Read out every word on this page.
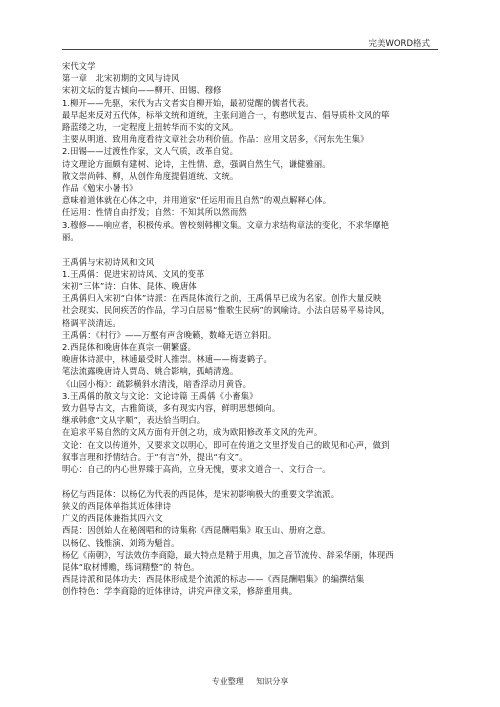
完美WORD格式
宋代文学
第一章　北宋初期的文风与诗风
宋初文坛的复古倾向——柳开、田锡、穆修
1.柳开——先驱，宋代为古文者实自柳开始，最初觉醒的儒者代表。
最早起来反对五代体，标举文统和道统，主张问道合一，有憨吠复古、倡导质朴文风的筚
路蓝缕之功，一定程度上扭转华而不实的文风。
主要从明道、致用角度看待文章社会功利价值。作品：应用文居多，《河东先生集》
2.田锡——过渡性作家，文人气质，改革自觉。
诗文理论方面颇有建树、论诗，主性情、意，强调自然生气，谦健雅丽。
散文崇尚韩、柳，从创作角度提倡道统、文统。
作品《勉宋小暑书》
意味着道体就在心体之中，并用道家“任运用而且自然”的观点解释心体。
任运用：性情自由抒发；自然：不知其所以然而然
3.穆修——响应者，积极传承。曾校刻韩柳文集。文章力求结构章法的变化，不求华靡艳
丽。
王禹偁与宋初诗风和文风
1.王禹偁：促进宋初诗风、文风的变革
宋初“三体”诗：白体、昆体、晚唐体
王禹偁归入宋初“白体”诗派：在西昆体流行之前，王禹偁早已成为名家。创作大量反映
社会现实、民间疾苦的作品，学习白居易“惟歌生民病”的讽喻诗。小法白居易平易诗风，
格调平淡清远。
王禹偁：《村行》——万壑有声含晚籁，数峰无语立斜阳。
2.西昆体和晚唐体在真宗一朝繁盛。
晚唐体诗派中，林逋最受时人推崇。林逋——梅妻鹤子。
笔法流露晚唐诗人贾岛、姚合影响，孤峭清逸。
《山园小梅》：疏影横斜水清浅，暗香浮动月黄昏。
3.王禹偁的散文与文论：文论诗篇 王禹偁《小畜集》
致力倡导古文，古雅简谈，多有现实内容，鲜明思想倾向。
继承韩愈“文从字顺”，表达恰当明白。
在追求平易自然的文风方面有开创之功，成为欧阳修改革文风的先声。
文论：在文以传道外，又要求文以明心，即可在传道之文里抒发自己的欧见和心声，做到
叙事言理和抒情结合。于“有言”外，提出“有文”。
明心：自己的内心世界臻于高尚，立身无愧，要求文道合一、文行合一。
杨亿与西昆体：以杨亿为代表的西昆体，是宋初影响极大的重要文学流派。
狭义的西昆体单指其近体律诗
广义的西昆体兼指其四六文
西昆：因创始人在秘阁唱和的诗集称《西昆酬唱集》取玉山、册府之意。
以杨亿、钱惟演、刘筠为魁首。
杨亿《南朝》，写法效仿李商隐，最大特点是精于用典，加之音节流传、辞采华丽，体现西
昆体“取材博赡，练词精整”的 特色。
西昆诗派和昆体功夫：西昆体形成是个流派的标志——《西昆酬唱集》的编撰结集
创作特色：学李商隐的近体律诗，讲究声律文采，修辞重用典。
专业整理 知识分享
